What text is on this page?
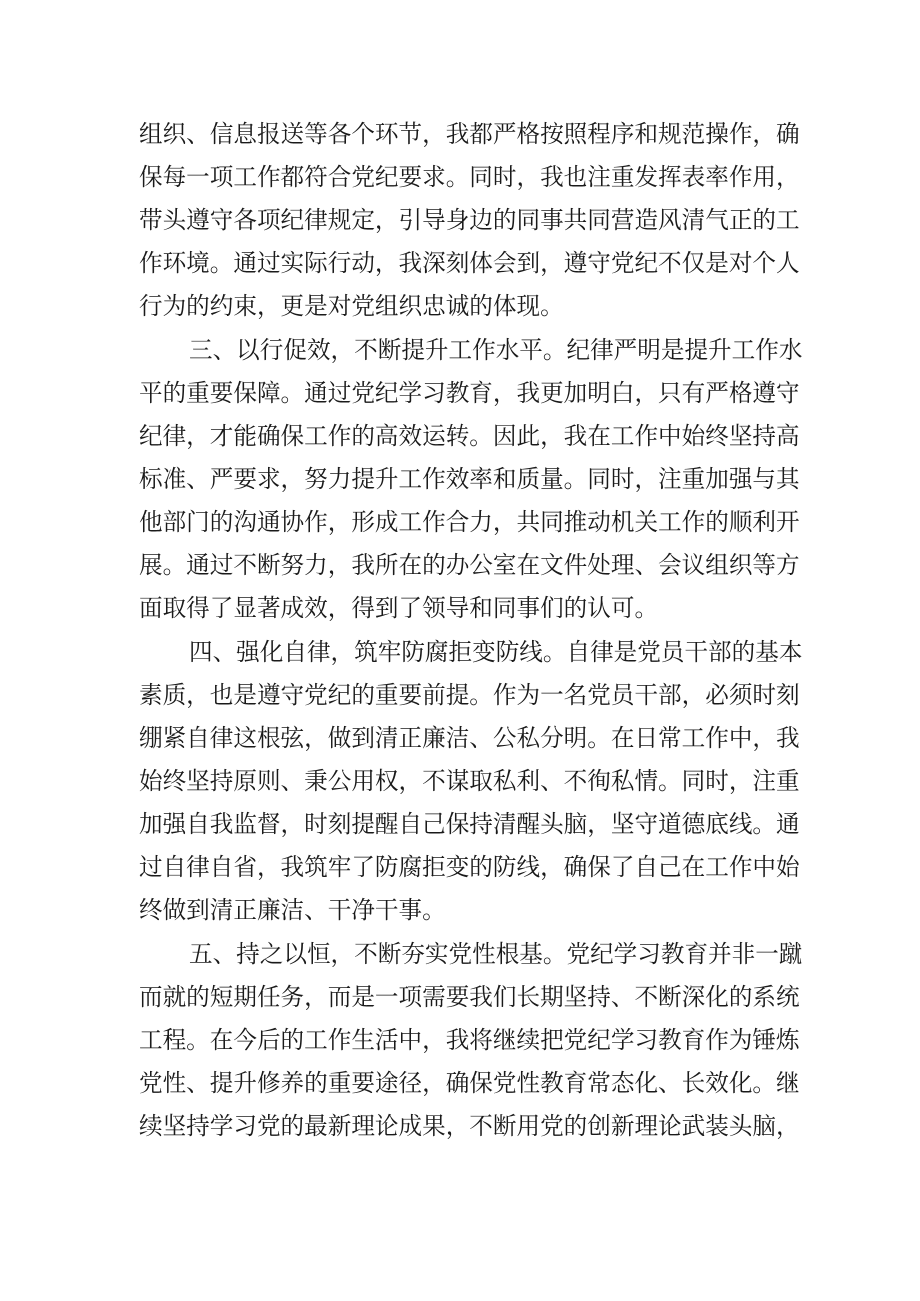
组织、信息报送等各个环节，我都严格按照程序和规范操作，确
保每一项工作都符合党纪要求。同时，我也注重发挥表率作用，
带头遵守各项纪律规定，引导身边的同事共同营造风清气正的工
作环境。通过实际行动，我深刻体会到，遵守党纪不仅是对个人
行为的约束，更是对党组织忠诚的体现。
三、以行促效，不断提升工作水平。纪律严明是提升工作水
平的重要保障。通过党纪学习教育，我更加明白，只有严格遵守
纪律，才能确保工作的高效运转。因此，我在工作中始终坚持高
标准、严要求，努力提升工作效率和质量。同时，注重加强与其
他部门的沟通协作，形成工作合力，共同推动机关工作的顺利开
展。通过不断努力，我所在的办公室在文件处理、会议组织等方
面取得了显著成效，得到了领导和同事们的认可。
四、强化自律，筑牢防腐拒变防线。自律是党员干部的基本
素质，也是遵守党纪的重要前提。作为一名党员干部，必须时刻
绷紧自律这根弦，做到清正廉洁、公私分明。在日常工作中，我
始终坚持原则、秉公用权，不谋取私利、不徇私情。同时，注重
加强自我监督，时刻提醒自己保持清醒头脑，坚守道德底线。通
过自律自省，我筑牢了防腐拒变的防线，确保了自己在工作中始
终做到清正廉洁、干净干事。
五、持之以恒，不断夯实党性根基。党纪学习教育并非一蹴
而就的短期任务，而是一项需要我们长期坚持、不断深化的系统
工程。在今后的工作生活中，我将继续把党纪学习教育作为锤炼
党性、提升修养的重要途径，确保党性教育常态化、长效化。继
续坚持学习党的最新理论成果，不断用党的创新理论武装头脑，
